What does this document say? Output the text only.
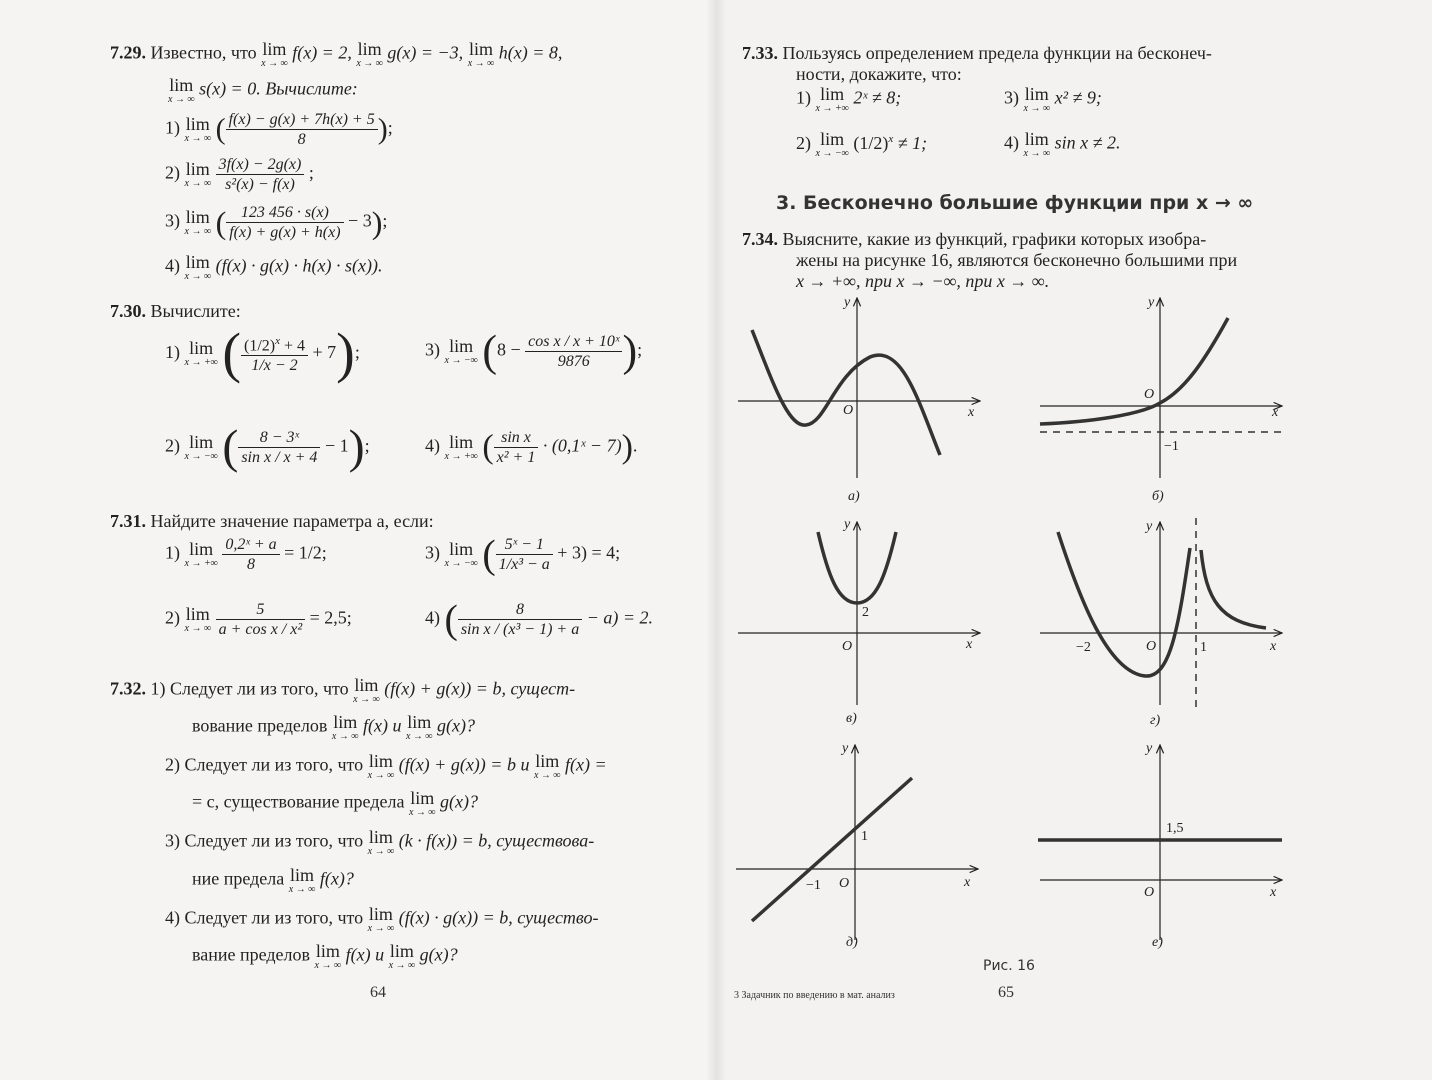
7.29. Известно, что lim
x → ∞
f(x) = 2, lim
x → ∞
g(x) = −3, lim
x → ∞
h(x) = 8,
lim
x → ∞
s(x) = 0. Вычислите:
1) lim
x → ∞ ( $\frac{f(x) - g(x) + 7h(x) + 5}{8}$ );
2) lim
x → ∞
$\frac{3f(x) - 2g(x)}{\text{s²(x) − f(x)}}$ ;
3) lim
x → ∞ ( $\frac{123 456 \cdot s(x)}{f(x) + g(x) + h(x)} - 3$);
4) lim
x → ∞
(f(x) · g(x) · h(x) · s(x)).
7.30. Вычислите:
1) lim
x → +∞ ( $\frac{(1/2)^x + 4}{1/x - 2} + 7$);	3) lim
x → −∞ ($8 - \frac{\text{cos x / x + 10ˣ}}{9876}$ );
2) lim
x → −∞ ( $\frac{\text{8 − 3ˣ}}{\text{sin x / x + 4}} - 1$);	4) lim
x → +∞ ( $\frac{\text{sin x}}{\text{x² + 1}}$ · (0,1ˣ − 7)).
7.31. Найдите значение параметра a, если:
1) lim
x → +∞
$\frac{\text{0,2ˣ + a}}{8} = 1/2$;	3) lim
x → −∞ ( $\frac{\text{5ˣ − 1}}{\text{1/x³ − a}} + 3) = 4$;
2) lim
x → ∞
$\frac{5}{\text{a + cos x / x²}} = 2,5$;	4) ( $\frac{8}{\text{sin x / (x³ − 1) + a}} - a) = 2$.
7.32. 1) Следует ли из того, что lim
x → ∞
(f(x) + g(x)) = b, сущест-
вование пределов lim
x → ∞
f(x) и lim
x → ∞
g(x)?
2) Следует ли из того, что lim
x → ∞
(f(x) + g(x)) = b и lim
x → ∞
f(x) =
= c, существование предела lim
x → ∞
g(x)?
3) Следует ли из того, что lim
x → ∞
(k · f(x)) = b, существова-
ние предела lim
x → ∞
f(x)?
4) Следует ли из того, что lim
x → ∞
(f(x) · g(x)) = b, существо-
вание пределов lim
x → ∞
f(x) и lim
x → ∞
g(x)?
64
7.33. Пользуясь определением предела функции на бесконеч-
ности, докажите, что:
1) lim
x → +∞
2ˣ ≠ 8;	3) lim
x → ∞
x² ≠ 9;
2) lim
x → −∞
$(1/2)^x \ne 1$;	4) lim
x → ∞
sin x ≠ 2.
3. Бесконечно большие функции при x → ∞
7.34. Выясните, какие из функций, графики которых изобра-
жены на рисунке 16, являются бесконечно большими при
x → +∞, при x → −∞, при x → ∞.
x
y
O
а)
x
y
O
−1
б)
x
y
O
2
в)
x
y
O
−2	1
г)
x
y
O
1
−1
д)
x
y
O
1,5
е)
Рис. 16
3 Задачник по введению в мат. анализ	65
